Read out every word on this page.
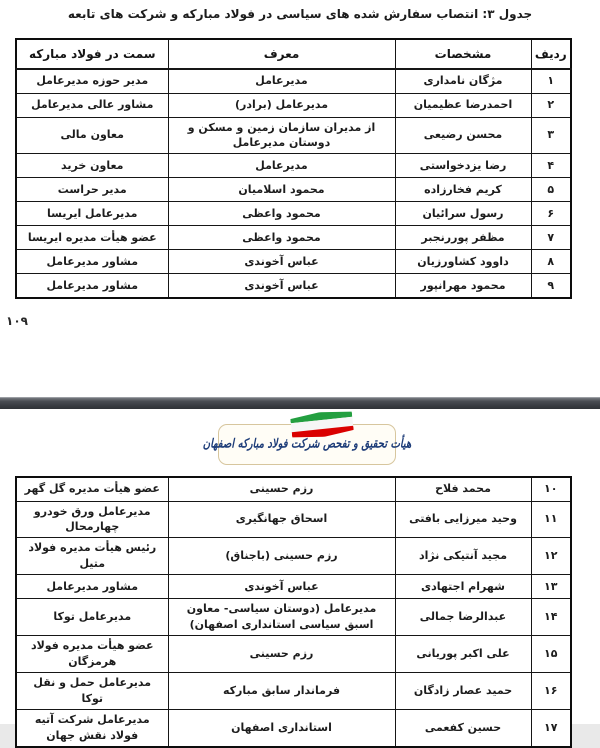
جدول ۳: انتصاب سفارش شده های سیاسی در فولاد مبارکه و شرکت های تابعه
ردیف	مشخصات	معرف	سمت در فولاد مبارکه
۱	مژگان نامداری	مدیرعامل	مدیر حوزه مدیرعامل
۲	احمدرضا عظیمیان	مدیرعامل (برادر)	مشاور عالی مدیرعامل
۳	محسن رضیعی	از مدیران سازمان زمین و مسکن و دوستان مدیرعامل	معاون مالی
۴	رضا یزدخواستی	مدیرعامل	معاون خرید
۵	کریم فخارزاده	محمود اسلامیان	مدیر حراست
۶	رسول سرائیان	محمود واعظی	مدیرعامل ایریسا
۷	مظفر پوررنجبر	محمود واعظی	عضو هیأت مدیره ایریسا
۸	داوود کشاورزیان	عباس آخوندی	مشاور مدیرعامل
۹	محمود مهرانپور	عباس آخوندی	مشاور مدیرعامل
۱۰۹
هیأت تحقیق و تفحص شرکت فولاد مبارکه اصفهان
۱۰	محمد فلاح	رزم حسینی	عضو هیأت مدیره گل گهر
۱۱	وحید میرزایی بافتی	اسحاق جهانگیری	مدیرعامل ورق خودرو چهارمحال
۱۲	مجید آنتیکی نژاد	رزم حسینی (باجناق)	رئیس هیأت مدیره فولاد متیل
۱۳	شهرام اجتهادی	عباس آخوندی	مشاور مدیرعامل
۱۴	عبدالرضا جمالی	مدیرعامل (دوستان سیاسی- معاون اسبق سیاسی استانداری اصفهان)	مدیرعامل توکا
۱۵	علی اکبر پوریانی	رزم حسینی	عضو هیأت مدیره فولاد هرمزگان
۱۶	حمید عصار زادگان	فرماندار سابق مبارکه	مدیرعامل حمل و نقل توکا
۱۷	حسین کفعمی	استانداری اصفهان	مدیرعامل شرکت آتیه فولاد نقش جهان
